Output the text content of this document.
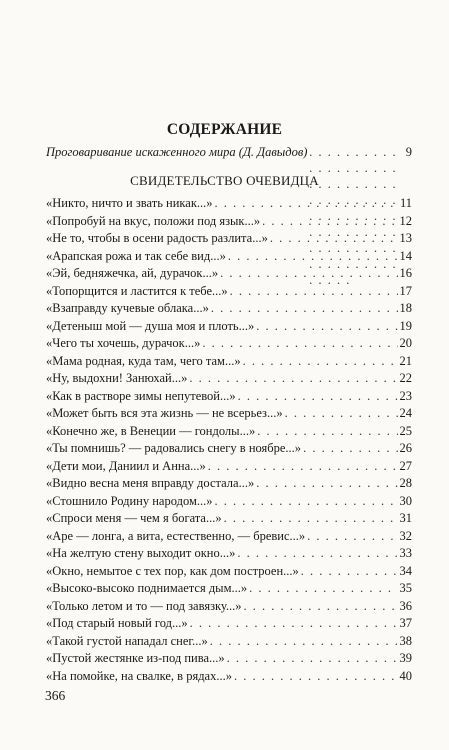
СОДЕРЖАНИЕ
Проговаривание искаженного мира (Д. Давыдов) . . .	9
СВИДЕТЕЛЬСТВО ОЧЕВИДЦА
«Никто, ничто и звать никак...» . . .	11
«Попробуй на вкус, положи под язык...» . . .	12
«Не то, чтобы в осени радость разлита...» . . .	13
«Арапская рожа и так себе вид...» . . .	14
«Эй, бедняжечка, ай, дурачок...» . . .	16
«Топорщится и ластится к тебе...» . . .	17
«Взаправду кучевые облака...» . . .	18
«Детеныш мой — душа моя и плоть...» . . .	19
«Чего ты хочешь, дурачок...» . . .	20
«Мама родная, куда там, чего там...» . . .	21
«Ну, выдохни! Занюхай...» . . .	22
«Как в растворе зимы непутевой...» . . .	23
«Может быть вся эта жизнь — не всерьез...» . . .	24
«Конечно же, в Венеции — гондолы...» . . .	25
«Ты помнишь? — радовались снегу в ноябре...» . . .	26
«Дети мои, Даниил и Анна...» . . .	27
«Видно весна меня вправду достала...» . . .	28
«Стошнило Родину народом...» . . .	30
«Спроси меня — чем я богата...» . . .	31
«Аре — лонга, а вита, естественно, — бревис...» . . .	32
«На желтую стену выходит окно...» . . .	33
«Окно, немытое с тех пор, как дом построен...» . . .	34
«Высоко-высоко поднимается дым...» . . .	35
«Только летом и то — под завязку...» . . .	36
«Под старый новый год...» . . .	37
«Такой густой нападал снег...» . . .	38
«Пустой жестянке из-под пива...» . . .	39
«На помойке, на свалке, в рядах...» . . .	40
366
